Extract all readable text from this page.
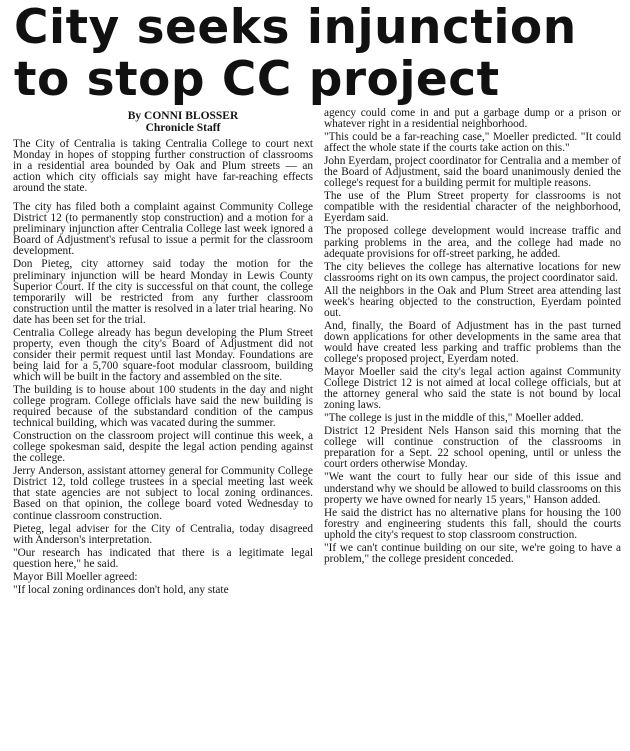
City seeks injunction
to stop CC project
By CONNI BLOSSER
Chronicle Staff

The City of Centralia is taking Centralia College to court next Monday in hopes of stopping further construction of classrooms in a residential area bounded by Oak and Plum streets — an action which city officials say might have far-reaching effects around the state.

The city has filed both a complaint against Community College District 12 (to permanently stop construction) and a motion for a preliminary injunction after Centralia College last week ignored a Board of Adjustment's refusal to issue a permit for the classroom development.

Don Pieteg, city attorney said today the motion for the preliminary injunction will be heard Monday in Lewis County Superior Court. If the city is successful on that count, the college temporarily will be restricted from any further classroom construction until the matter is resolved in a later trial hearing. No date has been set for the trial.

Centralia College already has begun developing the Plum Street property, even though the city's Board of Adjustment did not consider their permit request until last Monday. Foundations are being laid for a 5,700 square-foot modular classroom, building which will be built in the factory and assembled on the site.

The building is to house about 100 students in the day and night college program. College officials have said the new building is required because of the substandard condition of the campus technical building, which was vacated during the summer.

Construction on the classroom project will continue this week, a college spokesman said, despite the legal action pending against the college.

Jerry Anderson, assistant attorney general for Community College District 12, told college trustees in a special meeting last week that state agencies are not subject to local zoning ordinances. Based on that opinion, the college board voted Wednesday to continue classroom construction.

Pieteg, legal adviser for the City of Centralia, today disagreed with Anderson's interpretation.

"Our research has indicated that there is a legitimate legal question here," he said.

Mayor Bill Moeller agreed:

"If local zoning ordinances don't hold, any state

agency could come in and put a garbage dump or a prison or whatever right in a residential neighborhood.

"This could be a far-reaching case," Moeller predicted. "It could affect the whole state if the courts take action on this."

John Eyerdam, project coordinator for Centralia and a member of the Board of Adjustment, said the board unanimously denied the college's request for a building permit for multiple reasons.

The use of the Plum Street property for classrooms is not compatible with the residential character of the neighborhood, Eyerdam said.

The proposed college development would increase traffic and parking problems in the area, and the college had made no adequate provisions for off-street parking, he added.

The city believes the college has alternative locations for new classrooms right on its own campus, the project coordinator said.

All the neighbors in the Oak and Plum Street area attending last week's hearing objected to the construction, Eyerdam pointed out.

And, finally, the Board of Adjustment has in the past turned down applications for other developments in the same area that would have created less parking and traffic problems than the college's proposed project, Eyerdam noted.

Mayor Moeller said the city's legal action against Community College District 12 is not aimed at local college officials, but at the attorney general who said the state is not bound by local zoning laws.

"The college is just in the middle of this," Moeller added.

District 12 President Nels Hanson said this morning that the college will continue construction of the classrooms in preparation for a Sept. 22 school opening, until or unless the court orders otherwise Monday.

"We want the court to fully hear our side of this issue and understand why we should be allowed to build classrooms on this property we have owned for nearly 15 years," Hanson added.

He said the district has no alternative plans for housing the 100 forestry and engineering students this fall, should the courts uphold the city's request to stop classroom construction.

"If we can't continue building on our site, we're going to have a problem," the college president conceded.
